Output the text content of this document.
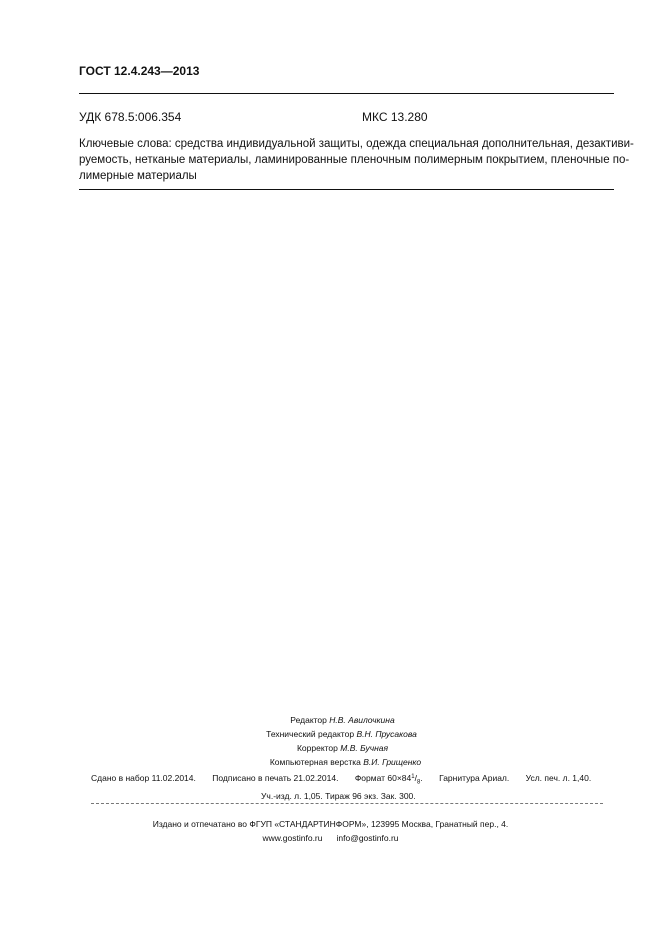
ГОСТ 12.4.243—2013
УДК 678.5:006.354	МКС 13.280
Ключевые слова: средства индивидуальной защиты, одежда специальная дополнительная, дезактиви-
руемость, нетканые материалы, ламинированные пленочным полимерным покрытием, пленочные по-
лимерные материалы
Редактор Н.В. Авилочкина
Технический редактор В.Н. Прусакова
Корректор М.В. Бучная
Компьютерная верстка В.И. Грищенко
Сдано в набор 11.02.2014. Подписано в печать 21.02.2014. Формат $60\times 84^1/_8$. Гарнитура Ариал. Усл. печ. л. 1,40.
Уч.-изд. л. 1,05. Тираж 96 экз. Зак. 300.
Издано и отпечатано во ФГУП «СТАНДАРТИНФОРМ», 123995 Москва, Гранатный пер., 4.
www.gostinfo.ru info@gostinfo.ru
